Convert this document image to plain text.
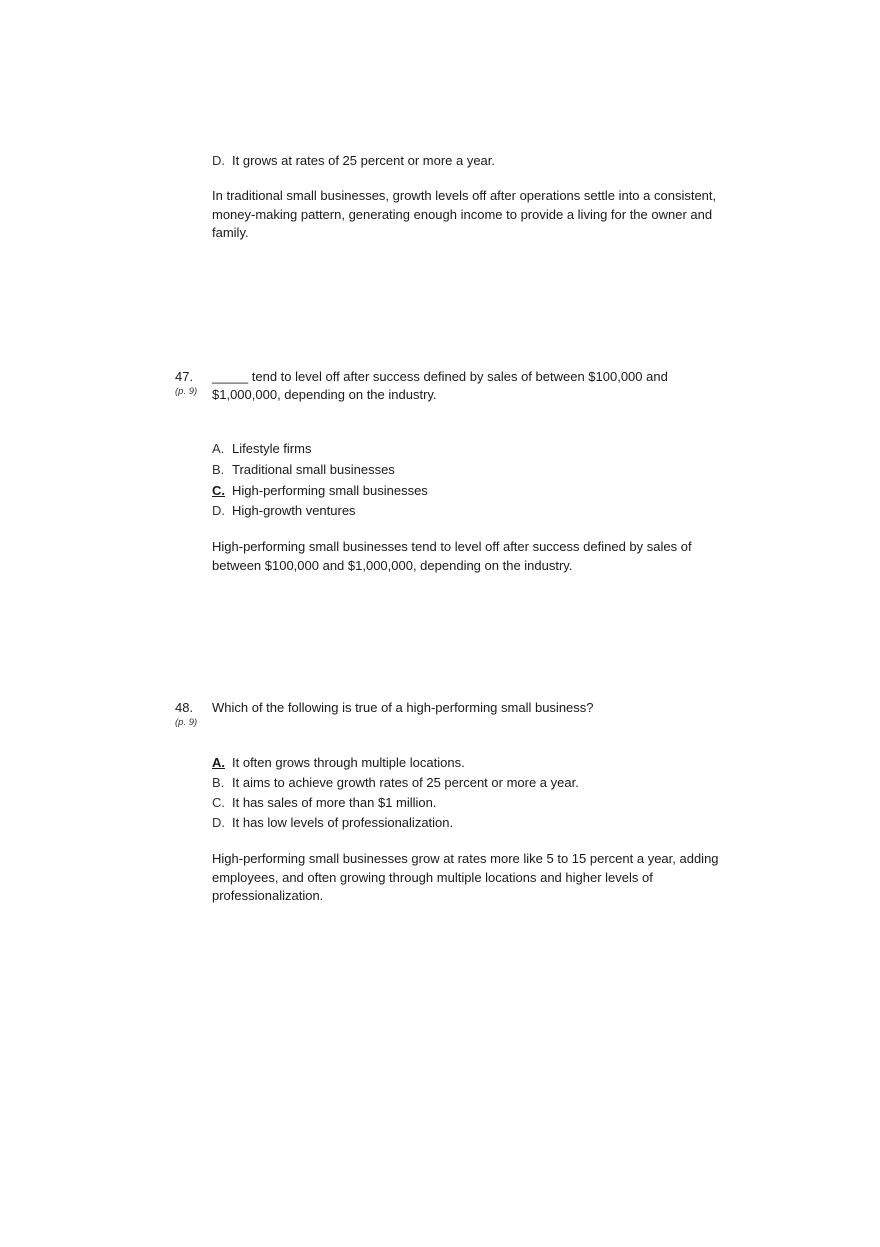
D. It grows at rates of 25 percent or more a year.
In traditional small businesses, growth levels off after operations settle into a consistent, money-making pattern, generating enough income to provide a living for the owner and family.
47.
(p. 9)
_____ tend to level off after success defined by sales of between $100,000 and
$1,000,000, depending on the industry.
A. Lifestyle firms
B. Traditional small businesses
C. High-performing small businesses
D. High-growth ventures
High-performing small businesses tend to level off after success defined by sales of between $100,000 and $1,000,000, depending on the industry.
48.
(p. 9)
Which of the following is true of a high-performing small business?
A. It often grows through multiple locations.
B. It aims to achieve growth rates of 25 percent or more a year.
C. It has sales of more than $1 million.
D. It has low levels of professionalization.
High-performing small businesses grow at rates more like 5 to 15 percent a year, adding employees, and often growing through multiple locations and higher levels of professionalization.
